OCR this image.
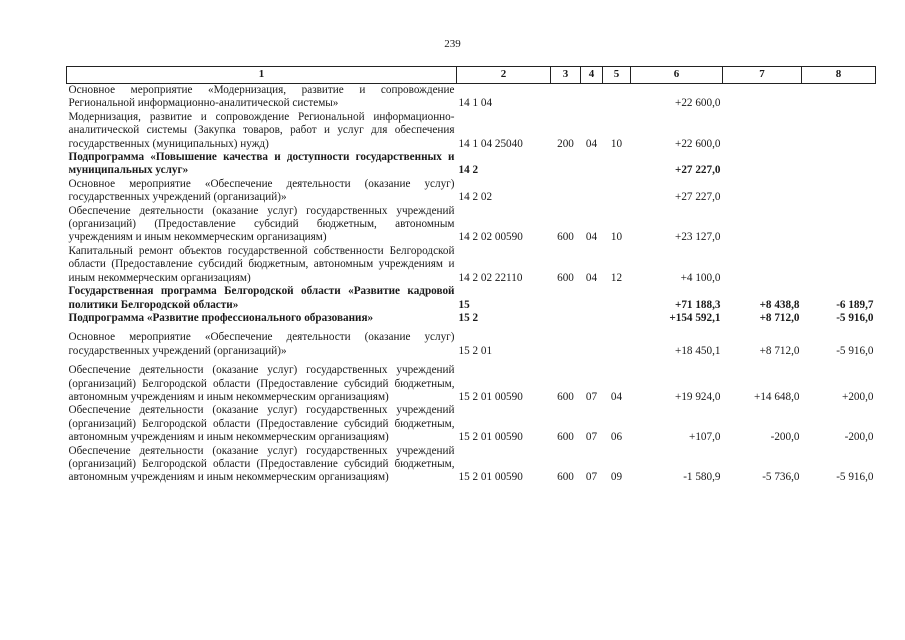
239
1	2	3	4	5	6	7	8
Основное мероприятие «Модернизация, развитие и сопровождение Региональной информационно-аналитической системы»	14 1 04				+22 600,0		
Модернизация, развитие и сопровождение Региональной информационно-аналитической системы (Закупка товаров, работ и услуг для обеспечения государственных (муниципальных) нужд)	14 1 04 25040	200	04	10	+22 600,0		
Подпрограмма «Повышение качества и доступности государственных и муниципальных услуг»	14 2				+27 227,0		
Основное мероприятие «Обеспечение деятельности (оказание услуг) государственных учреждений (организаций)»	14 2 02				+27 227,0		
Обеспечение деятельности (оказание услуг) государственных учреждений (организаций) (Предоставление субсидий бюджетным, автономным учреждениям и иным некоммерческим организациям)	14 2 02 00590	600	04	10	+23 127,0		
Капитальный ремонт объектов государственной собственности Белгородской области (Предоставление субсидий бюджетным, автономным учреждениям и иным некоммерческим организациям)	14 2 02 22110	600	04	12	+4 100,0		
Государственная программа Белгородской области «Развитие кадровой политики Белгородской области»	15				+71 188,3	+8 438,8	-6 189,7
Подпрограмма «Развитие профессионального образования»	15 2				+154 592,1	+8 712,0	-5 916,0
Основное мероприятие «Обеспечение деятельности (оказание услуг) государственных учреждений (организаций)»	15 2 01				+18 450,1	+8 712,0	-5 916,0
Обеспечение деятельности (оказание услуг) государственных учреждений (организаций) Белгородской области (Предоставление субсидий бюджетным, автономным учреждениям и иным некоммерческим организациям)	15 2 01 00590	600	07	04	+19 924,0	+14 648,0	+200,0
Обеспечение деятельности (оказание услуг) государственных учреждений (организаций) Белгородской области (Предоставление субсидий бюджетным, автономным учреждениям и иным некоммерческим организациям)	15 2 01 00590	600	07	06	+107,0	-200,0	-200,0
Обеспечение деятельности (оказание услуг) государственных учреждений (организаций) Белгородской области (Предоставление субсидий бюджетным, автономным учреждениям и иным некоммерческим организациям)	15 2 01 00590	600	07	09	-1 580,9	-5 736,0	-5 916,0
